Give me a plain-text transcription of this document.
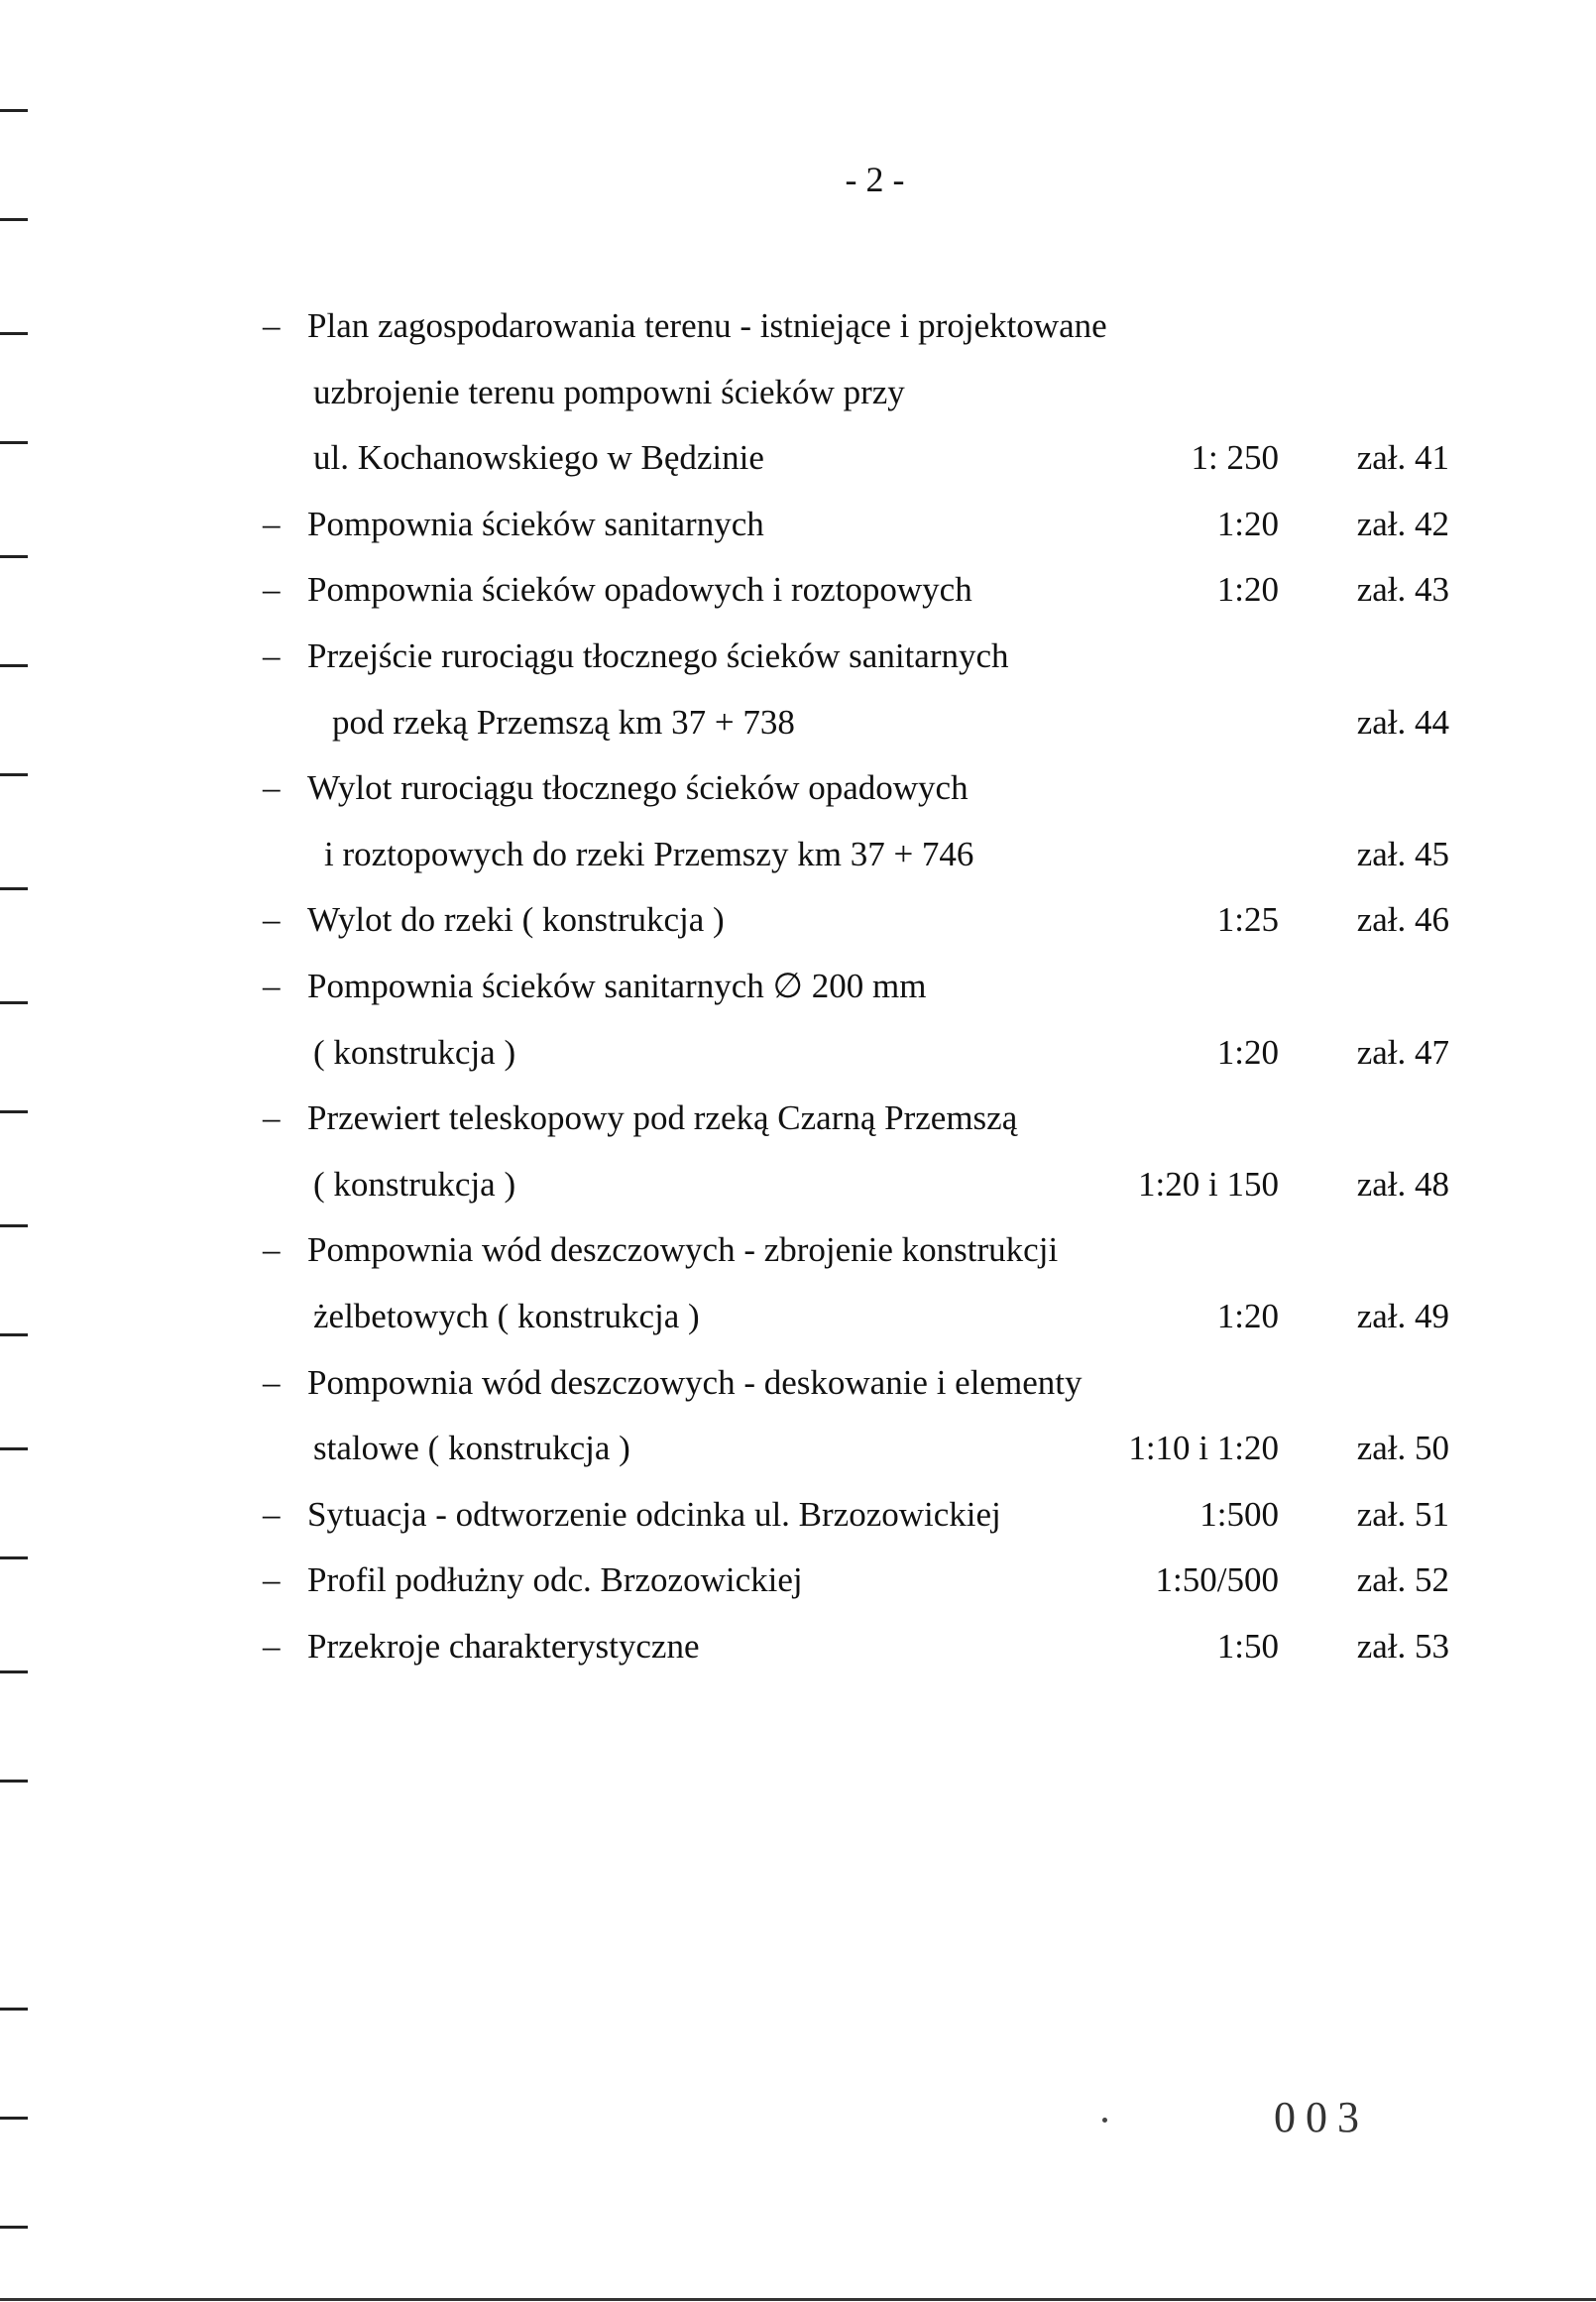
- 2 -
– Plan zagospodarowania terenu - istniejące i projektowane
uzbrojenie terenu pompowni ścieków przy
ul. Kochanowskiego w Będzinie	1: 250 zał. 41
– Pompownia ścieków sanitarnych	1:20 zał. 42
– Pompownia ścieków opadowych i roztopowych	1:20 zał. 43
– Przejście rurociągu tłocznego ścieków sanitarnych
pod rzeką Przemszą km 37 + 738	zał. 44
– Wylot rurociągu tłocznego ścieków opadowych
i roztopowych do rzeki Przemszy km 37 + 746	zał. 45
– Wylot do rzeki ( konstrukcja )	1:25 zał. 46
– Pompownia ścieków sanitarnych ∅ 200 mm
( konstrukcja )	1:20 zał. 47
– Przewiert teleskopowy pod rzeką Czarną Przemszą
( konstrukcja )	1:20 i 150 zał. 48
– Pompownia wód deszczowych - zbrojenie konstrukcji
żelbetowych ( konstrukcja )	1:20 zał. 49
– Pompownia wód deszczowych - deskowanie i elementy
stalowe ( konstrukcja )	1:10 i 1:20 zał. 50
– Sytuacja - odtworzenie odcinka ul. Brzozowickiej	1:500 zał. 51
– Profil podłużny odc. Brzozowickiej	1:50/500 zał. 52
– Przekroje charakterystyczne	1:50 zał. 53
003
